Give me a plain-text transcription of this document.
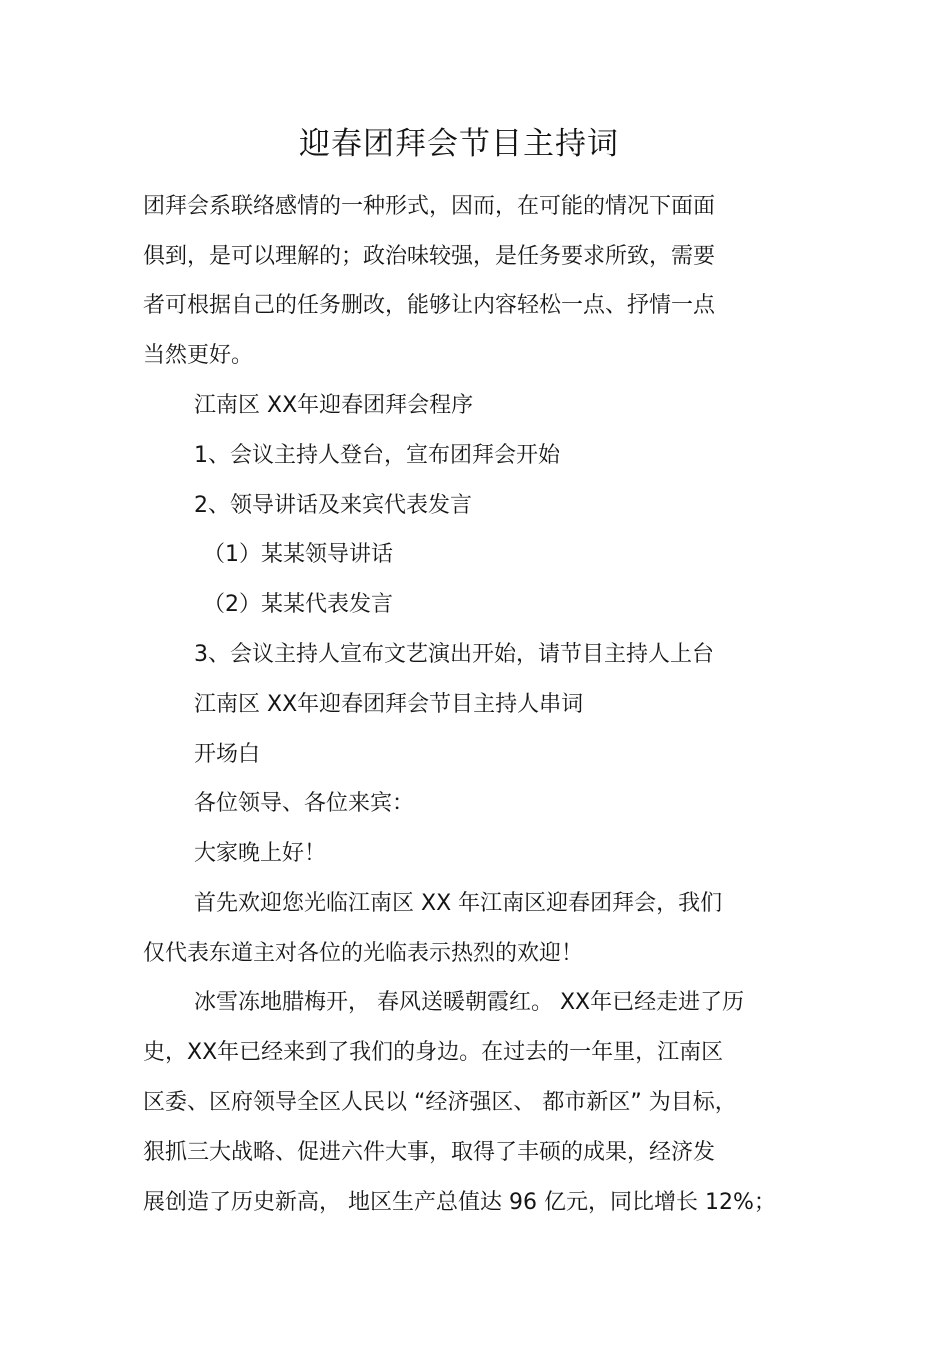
迎春团拜会节目主持词
团拜会系联络感情的一种形式，因而，在可能的情况下面面
俱到，是可以理解的；政治味较强，是任务要求所致，需要
者可根据自己的任务删改，能够让内容轻松一点、抒情一点
当然更好。
江南区 XX年迎春团拜会程序
1、会议主持人登台，宣布团拜会开始
2、领导讲话及来宾代表发言
（1）某某领导讲话
（2）某某代表发言
3、会议主持人宣布文艺演出开始，请节目主持人上台
江南区 XX年迎春团拜会节目主持人串词
开场白
各位领导、各位来宾：
大家晚上好！
首先欢迎您光临江南区 XX 年江南区迎春团拜会，我们
仅代表东道主对各位的光临表示热烈的欢迎！
冰雪冻地腊梅开， 春风送暖朝霞红。 XX年已经走进了历
史，XX年已经来到了我们的身边。在过去的一年里，江南区
区委、区府领导全区人民以 “经济强区、 都市新区” 为目标，
狠抓三大战略、促进六件大事，取得了丰硕的成果，经济发
展创造了历史新高， 地区生产总值达 96 亿元，同比增长 12%；
